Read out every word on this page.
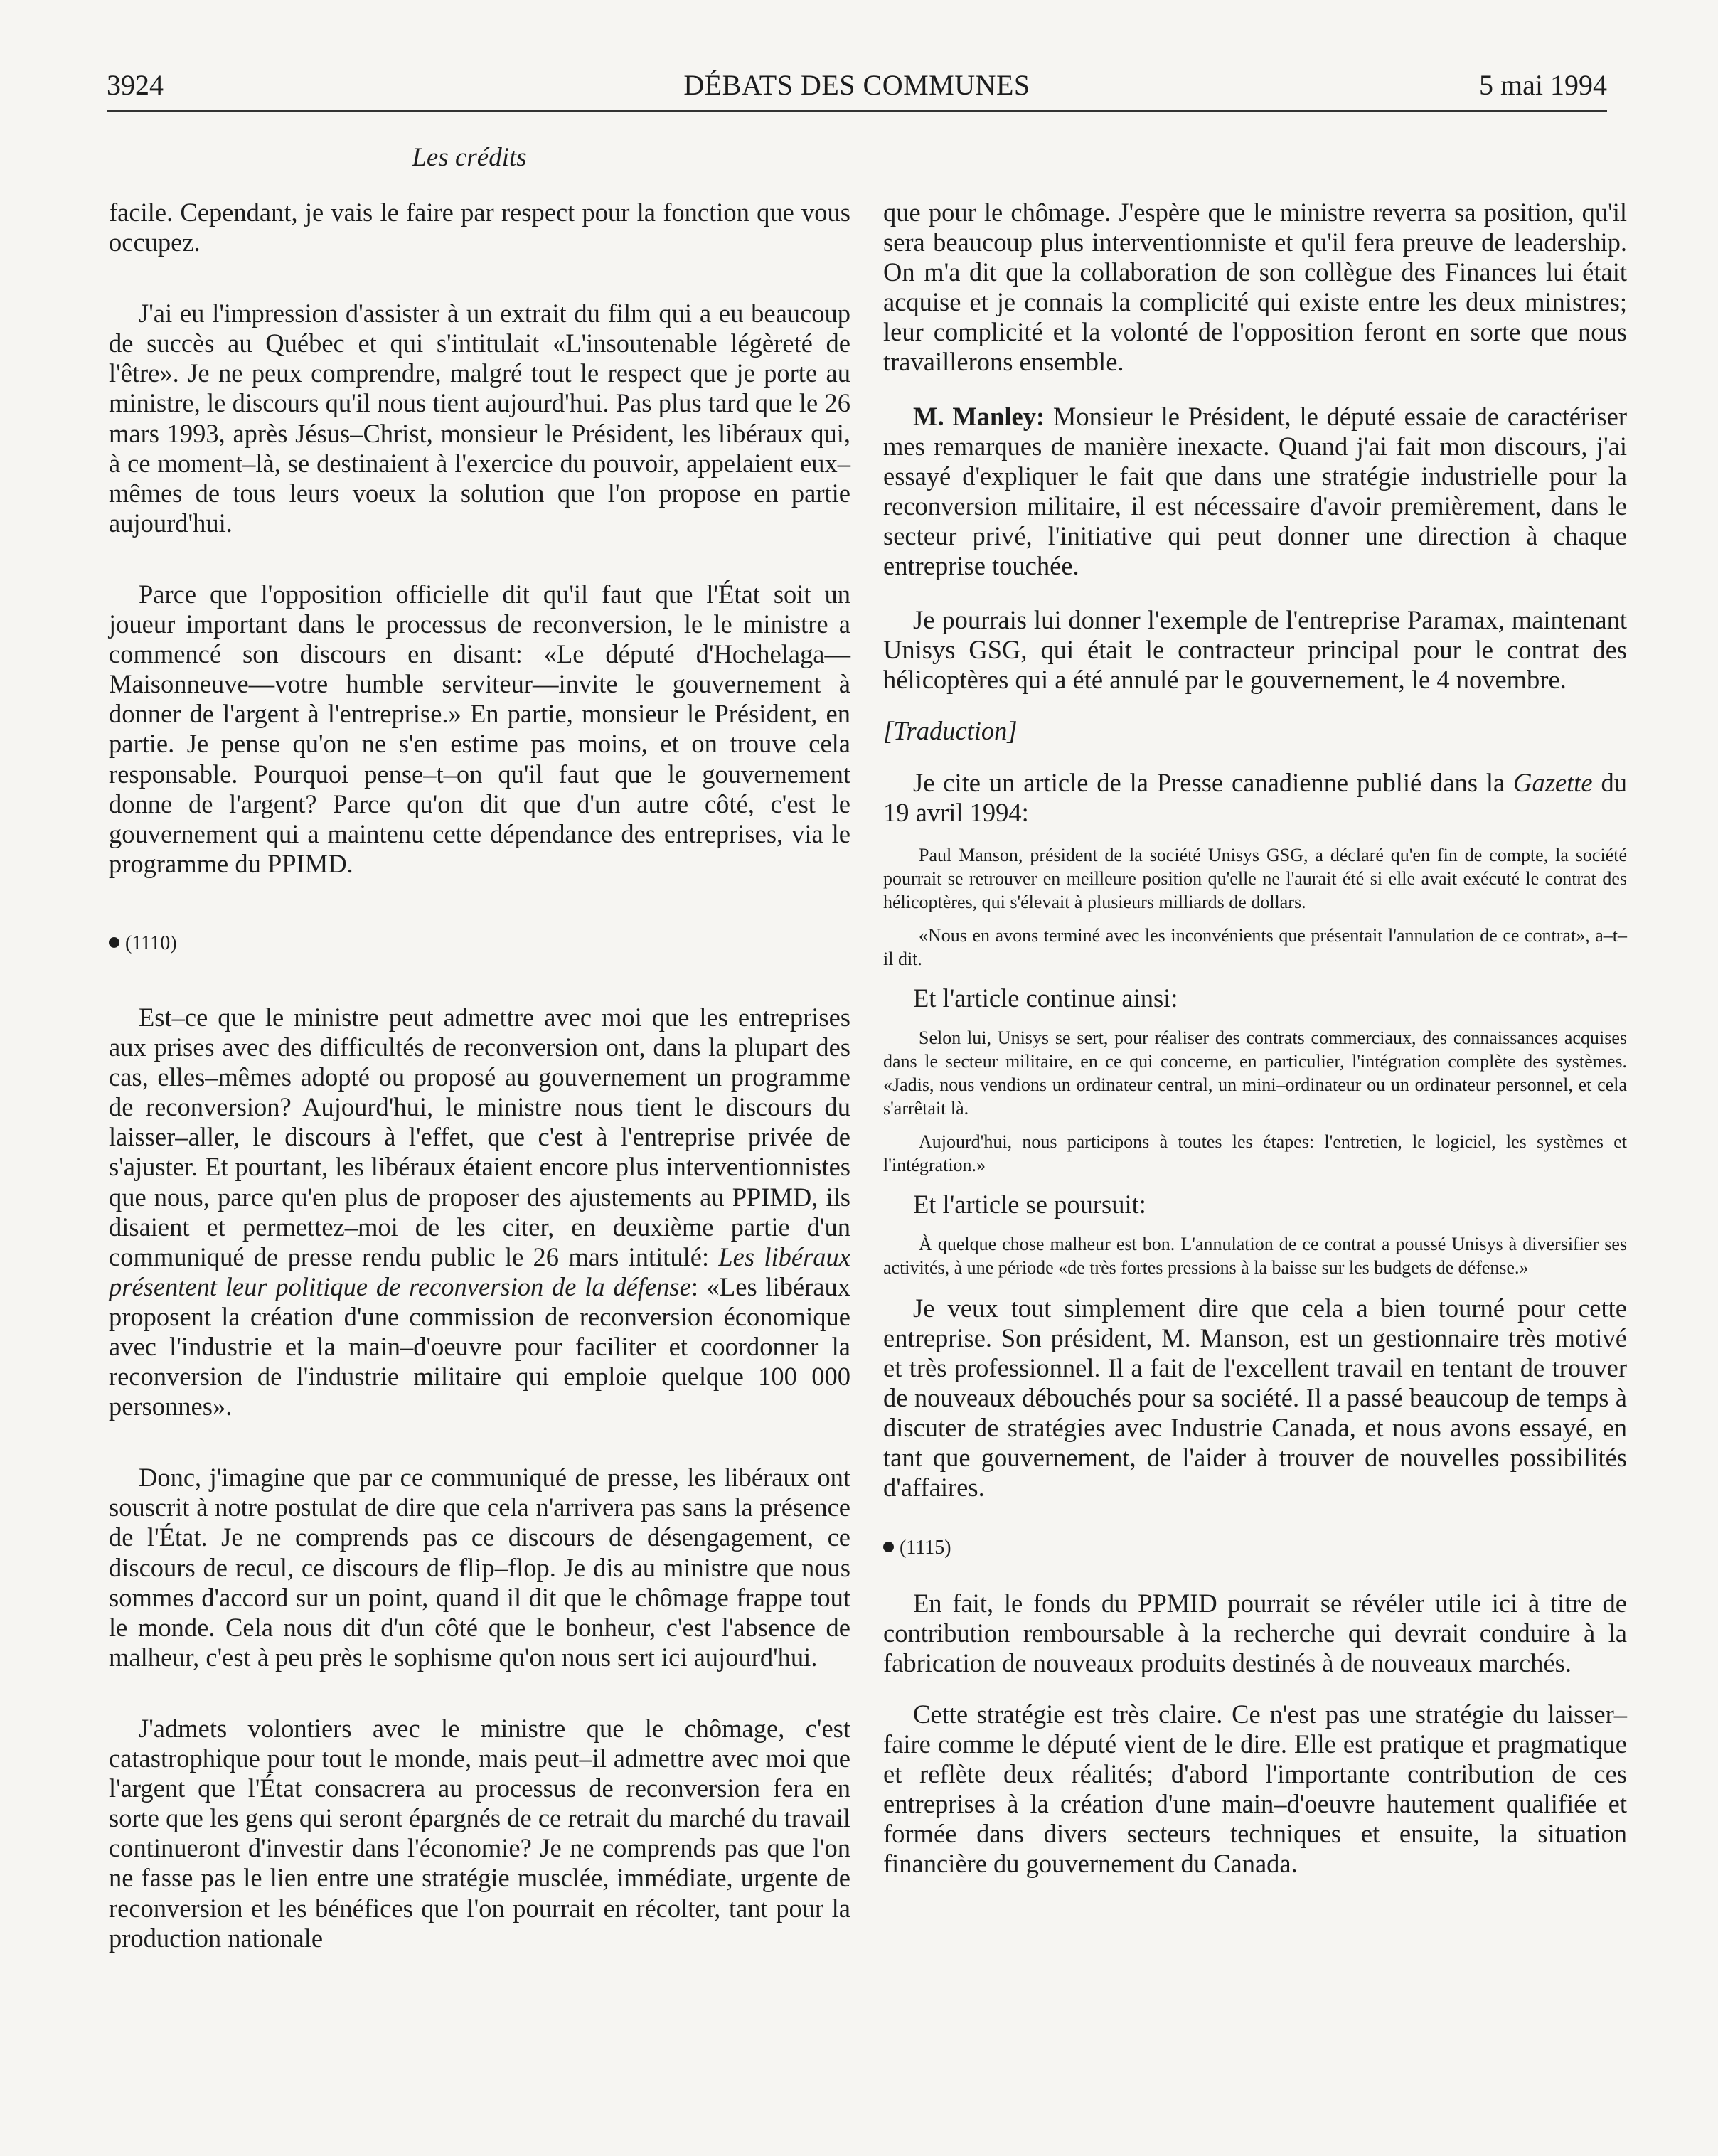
3924	DÉBATS DES COMMUNES	5 mai 1994
Les crédits

facile. Cependant, je vais le faire par respect pour la fonction que vous occupez.

J'ai eu l'impression d'assister à un extrait du film qui a eu beaucoup de succès au Québec et qui s'intitulait «L'insoutenable légèreté de l'être». Je ne peux comprendre, malgré tout le respect que je porte au ministre, le discours qu'il nous tient aujourd'hui. Pas plus tard que le 26 mars 1993, après Jésus–Christ, monsieur le Président, les libéraux qui, à ce moment–là, se destinaient à l'exercice du pouvoir, appelaient eux–mêmes de tous leurs voeux la solution que l'on propose en partie aujourd'hui.

Parce que l'opposition officielle dit qu'il faut que l'État soit un joueur important dans le processus de reconversion, le le ministre a commencé son discours en disant: «Le député d'Hochelaga—Maisonneuve—votre humble serviteur—invite le gouvernement à donner de l'argent à l'entreprise.» En partie, monsieur le Président, en partie. Je pense qu'on ne s'en estime pas moins, et on trouve cela responsable. Pourquoi pense–t–on qu'il faut que le gouvernement donne de l'argent? Parce qu'on dit que d'un autre côté, c'est le gouvernement qui a maintenu cette dépendance des entreprises, via le programme du PPIMD.

(1110)

Est–ce que le ministre peut admettre avec moi que les entreprises aux prises avec des difficultés de reconversion ont, dans la plupart des cas, elles–mêmes adopté ou proposé au gouvernement un programme de reconversion? Aujourd'hui, le ministre nous tient le discours du laisser–aller, le discours à l'effet, que c'est à l'entreprise privée de s'ajuster. Et pourtant, les libéraux étaient encore plus interventionnistes que nous, parce qu'en plus de proposer des ajustements au PPIMD, ils disaient et permettez–moi de les citer, en deuxième partie d'un communiqué de presse rendu public le 26 mars intitulé: Les libéraux présentent leur politique de reconversion de la défense: «Les libéraux proposent la création d'une commission de reconversion économique avec l'industrie et la main–d'oeuvre pour faciliter et coordonner la reconversion de l'industrie militaire qui emploie quelque 100 000 personnes».

Donc, j'imagine que par ce communiqué de presse, les libéraux ont souscrit à notre postulat de dire que cela n'arrivera pas sans la présence de l'État. Je ne comprends pas ce discours de désengagement, ce discours de recul, ce discours de flip–flop. Je dis au ministre que nous sommes d'accord sur un point, quand il dit que le chômage frappe tout le monde. Cela nous dit d'un côté que le bonheur, c'est l'absence de malheur, c'est à peu près le sophisme qu'on nous sert ici aujourd'hui.

J'admets volontiers avec le ministre que le chômage, c'est catastrophique pour tout le monde, mais peut–il admettre avec moi que l'argent que l'État consacrera au processus de reconversion fera en sorte que les gens qui seront épargnés de ce retrait du marché du travail continueront d'investir dans l'économie? Je ne comprends pas que l'on ne fasse pas le lien entre une stratégie musclée, immédiate, urgente de reconversion et les bénéfices que l'on pourrait en récolter, tant pour la production nationale

que pour le chômage. J'espère que le ministre reverra sa position, qu'il sera beaucoup plus interventionniste et qu'il fera preuve de leadership. On m'a dit que la collaboration de son collègue des Finances lui était acquise et je connais la complicité qui existe entre les deux ministres; leur complicité et la volonté de l'opposition feront en sorte que nous travaillerons ensemble.

M. Manley: Monsieur le Président, le député essaie de caractériser mes remarques de manière inexacte. Quand j'ai fait mon discours, j'ai essayé d'expliquer le fait que dans une stratégie industrielle pour la reconversion militaire, il est nécessaire d'avoir premièrement, dans le secteur privé, l'initiative qui peut donner une direction à chaque entreprise touchée.

Je pourrais lui donner l'exemple de l'entreprise Paramax, maintenant Unisys GSG, qui était le contracteur principal pour le contrat des hélicoptères qui a été annulé par le gouvernement, le 4 novembre.

[Traduction]

Je cite un article de la Presse canadienne publié dans la Gazette du 19 avril 1994:

Paul Manson, président de la société Unisys GSG, a déclaré qu'en fin de compte, la société pourrait se retrouver en meilleure position qu'elle ne l'aurait été si elle avait exécuté le contrat des hélicoptères, qui s'élevait à plusieurs milliards de dollars.

«Nous en avons terminé avec les inconvénients que présentait l'annulation de ce contrat», a–t–il dit.

Et l'article continue ainsi:

Selon lui, Unisys se sert, pour réaliser des contrats commerciaux, des connaissances acquises dans le secteur militaire, en ce qui concerne, en particulier, l'intégration complète des systèmes. «Jadis, nous vendions un ordinateur central, un mini–ordinateur ou un ordinateur personnel, et cela s'arrêtait là.

Aujourd'hui, nous participons à toutes les étapes: l'entretien, le logiciel, les systèmes et l'intégration.»

Et l'article se poursuit:

À quelque chose malheur est bon. L'annulation de ce contrat a poussé Unisys à diversifier ses activités, à une période «de très fortes pressions à la baisse sur les budgets de défense.»

Je veux tout simplement dire que cela a bien tourné pour cette entreprise. Son président, M. Manson, est un gestionnaire très motivé et très professionnel. Il a fait de l'excellent travail en tentant de trouver de nouveaux débouchés pour sa société. Il a passé beaucoup de temps à discuter de stratégies avec Industrie Canada, et nous avons essayé, en tant que gouvernement, de l'aider à trouver de nouvelles possibilités d'affaires.

(1115)

En fait, le fonds du PPMID pourrait se révéler utile ici à titre de contribution remboursable à la recherche qui devrait conduire à la fabrication de nouveaux produits destinés à de nouveaux marchés.

Cette stratégie est très claire. Ce n'est pas une stratégie du laisser–faire comme le député vient de le dire. Elle est pratique et pragmatique et reflète deux réalités; d'abord l'importante contribution de ces entreprises à la création d'une main–d'oeuvre hautement qualifiée et formée dans divers secteurs techniques et ensuite, la situation financière du gouvernement du Canada.
